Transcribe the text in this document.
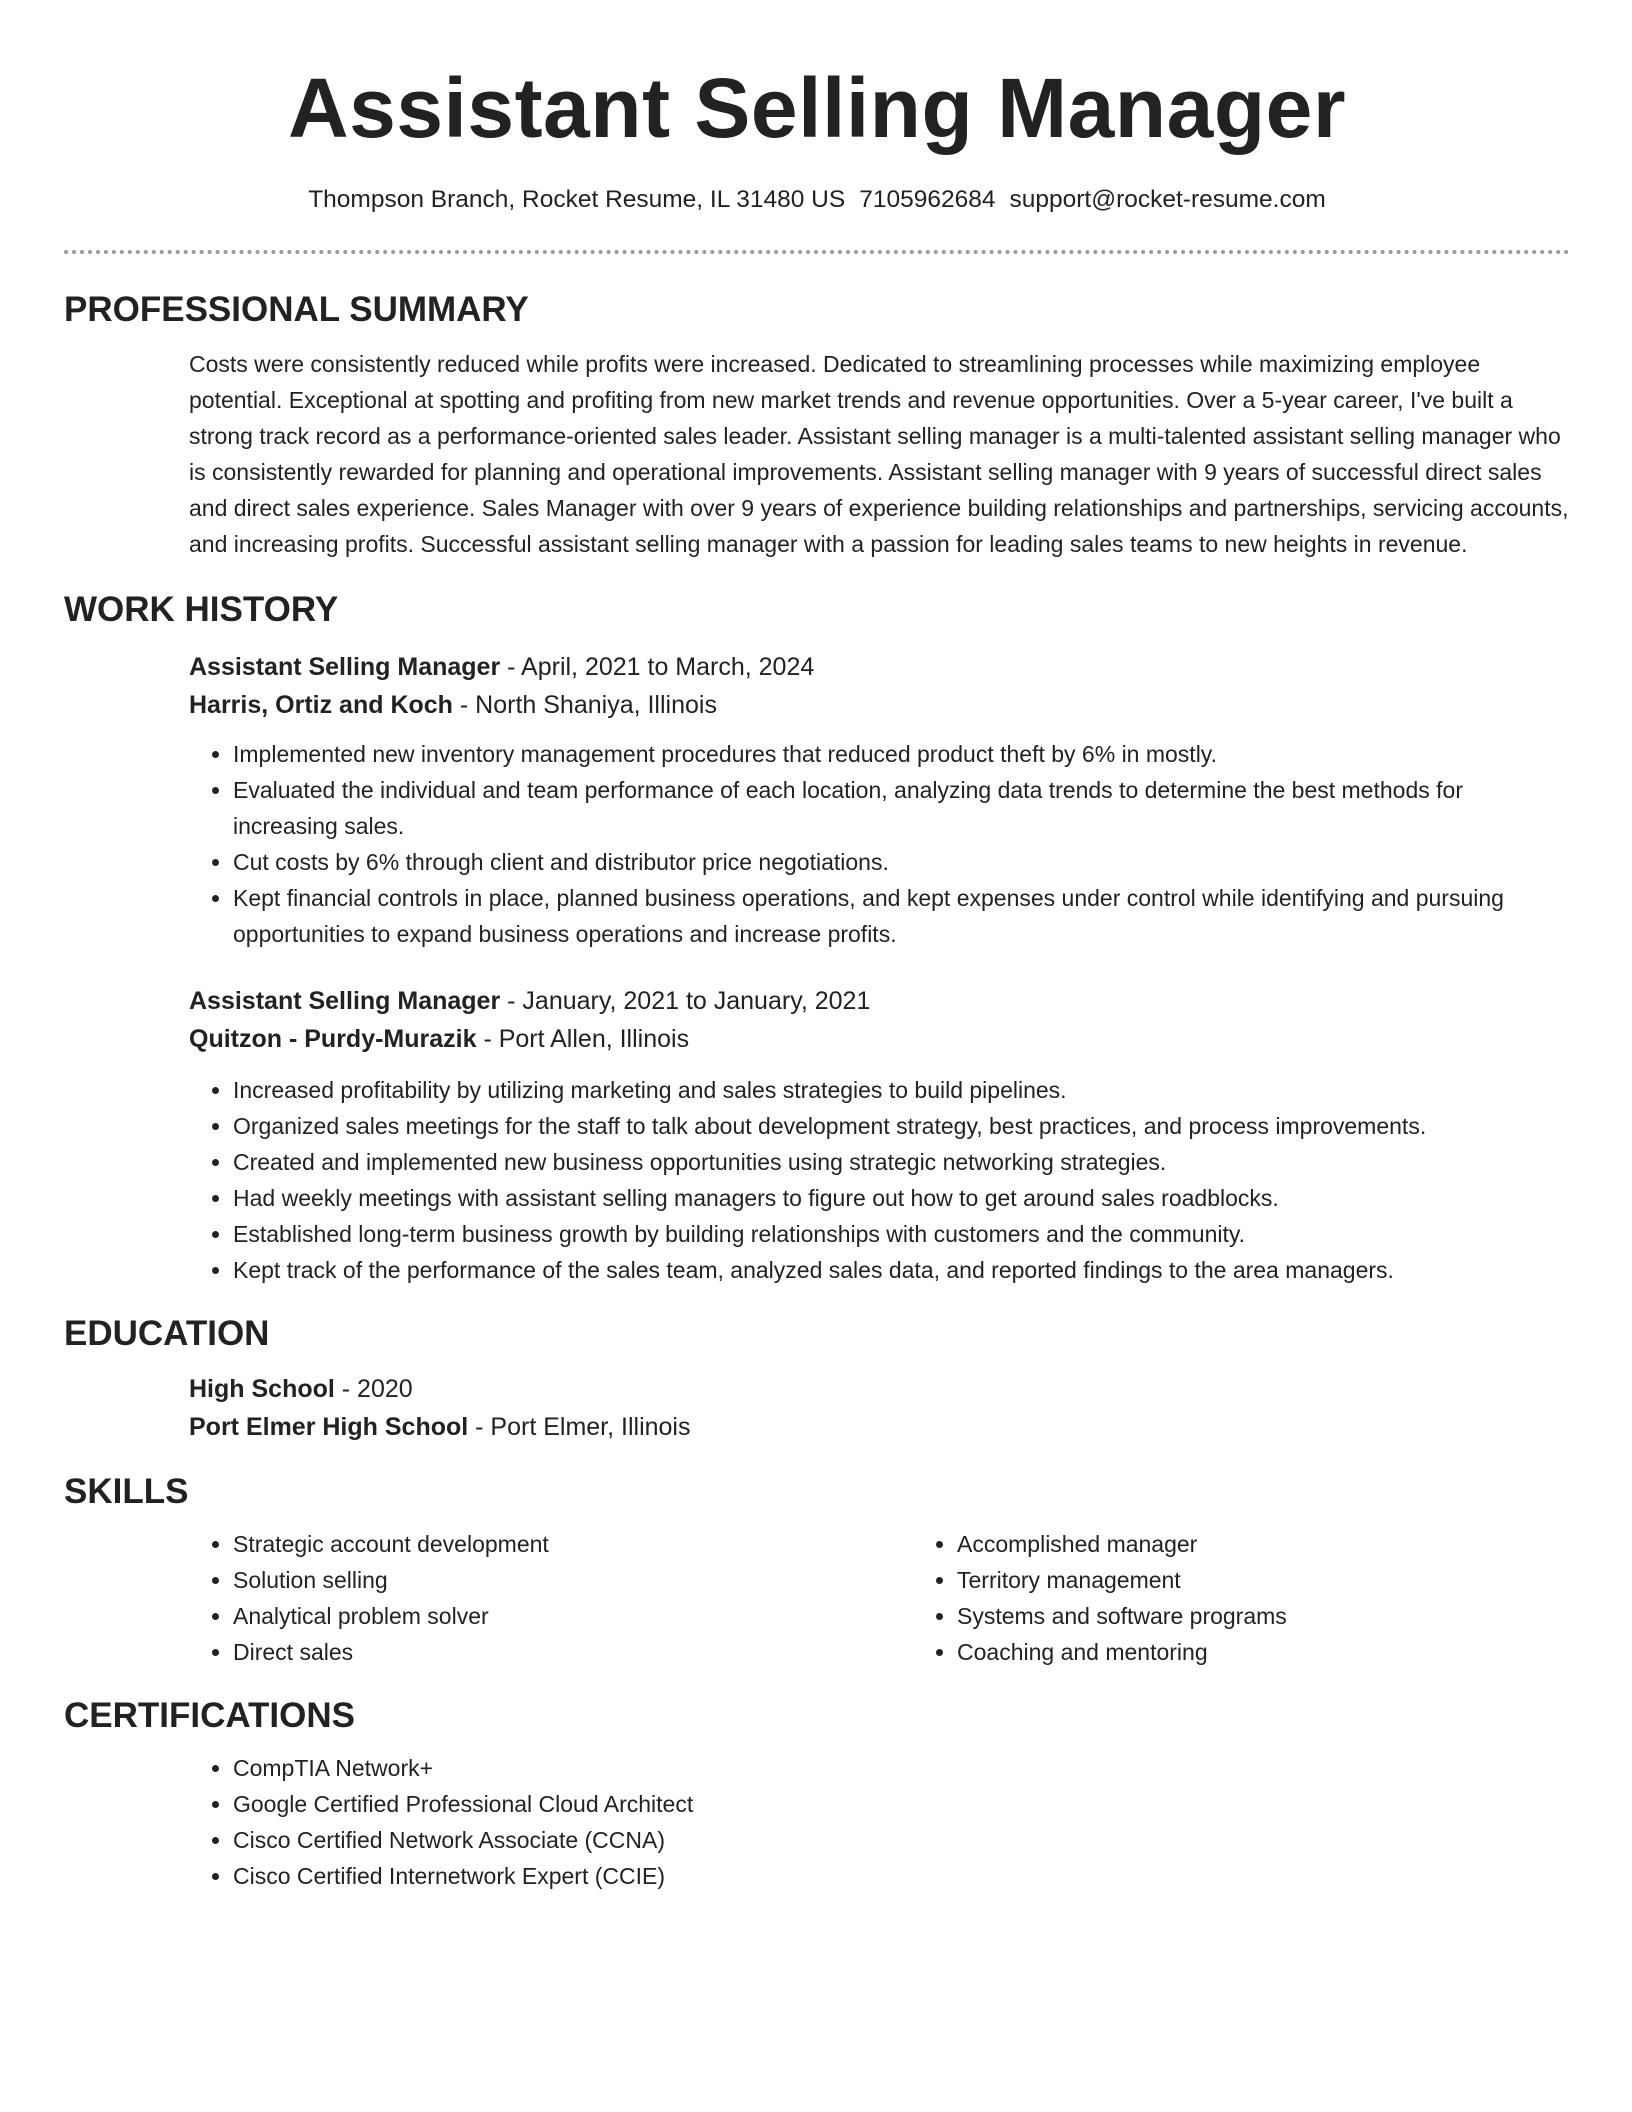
Assistant Selling Manager
Thompson Branch, Rocket Resume, IL 31480 US 7105962684 support@rocket-resume.com
PROFESSIONAL SUMMARY

Costs were consistently reduced while profits were increased. Dedicated to streamlining processes while maximizing employee potential. Exceptional at spotting and profiting from new market trends and revenue opportunities. Over a 5-year career, I've built a strong track record as a performance-oriented sales leader. Assistant selling manager is a multi-talented assistant selling manager who is consistently rewarded for planning and operational improvements. Assistant selling manager with 9 years of successful direct sales and direct sales experience. Sales Manager with over 9 years of experience building relationships and partnerships, servicing accounts, and increasing profits. Successful assistant selling manager with a passion for leading sales teams to new heights in revenue.

WORK HISTORY

Assistant Selling Manager - April, 2021 to March, 2024

Harris, Ortiz and Koch - North Shaniya, Illinois

• Implemented new inventory management procedures that reduced product theft by 6% in mostly.
• Evaluated the individual and team performance of each location, analyzing data trends to determine the best methods for increasing sales.
• Cut costs by 6% through client and distributor price negotiations.
• Kept financial controls in place, planned business operations, and kept expenses under control while identifying and pursuing opportunities to expand business operations and increase profits.

Assistant Selling Manager - January, 2021 to January, 2021

Quitzon - Purdy-Murazik - Port Allen, Illinois

• Increased profitability by utilizing marketing and sales strategies to build pipelines.
• Organized sales meetings for the staff to talk about development strategy, best practices, and process improvements.
• Created and implemented new business opportunities using strategic networking strategies.
• Had weekly meetings with assistant selling managers to figure out how to get around sales roadblocks.
• Established long-term business growth by building relationships with customers and the community.
• Kept track of the performance of the sales team, analyzed sales data, and reported findings to the area managers.
EDUCATION

High School - 2020

Port Elmer High School - Port Elmer, Illinois

SKILLS
• Strategic account development
• Solution selling
• Analytical problem solver
• Direct sales
• Accomplished manager
• Territory management
• Systems and software programs
• Coaching and mentoring
CERTIFICATIONS
• CompTIA Network+
• Google Certified Professional Cloud Architect
• Cisco Certified Network Associate (CCNA)
• Cisco Certified Internetwork Expert (CCIE)
